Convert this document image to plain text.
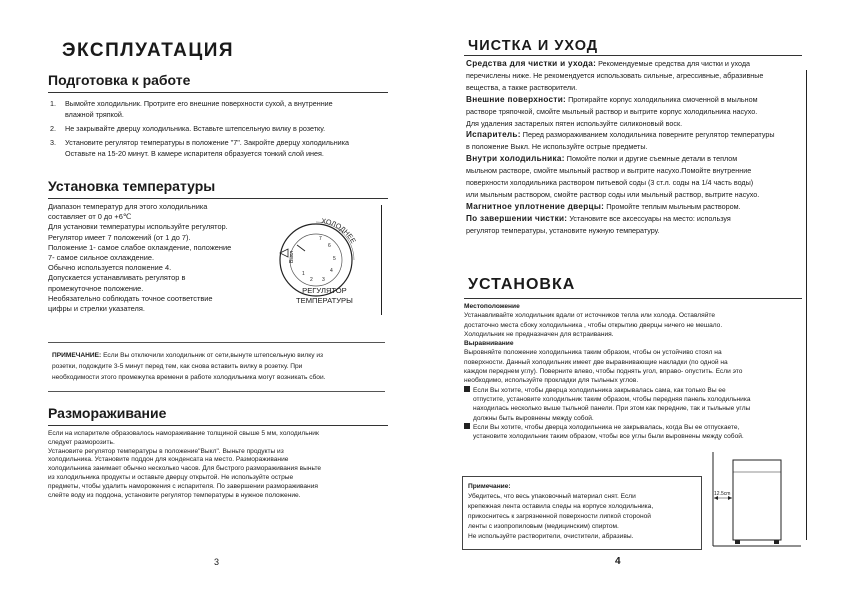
ЭКСПЛУАТАЦИЯ
Подготовка к работе
1. Вымойте холодильник. Протрите его внешние поверхности сухой, а внутренние
влажной тряпкой.
2. Не закрывайте дверцу холодильника. Вставьте штепсельную вилку в розетку.
3. Установите регулятор температуры в положение "7". Закройте дверцу холодильника
Оставьте на 15-20 минут. В камере испарителя образуется тонкий слой инея.
Установка температуры
Диапазон температур для этого холодильника
составляет от 0 до +6℃
Для установки температуры используйте регулятор.
Регулятор имеет 7 положений (от 1 до 7).
Положение 1- самое слабое охлаждение, положение
7- самое сильное охлаждение.
Обычно используется положение 4.
Допускается устанавливать регулятор в
промежуточное положение.
Необязательно соблюдать точное соответствие
цифры и стрелки указателя.
ХОЛОДНЕЕ
Выкл
1
2 3
4
5
6
7
РЕГУЛЯТОР
ТЕМПЕРАТУРЫ
ПРИМЕЧАНИЕ: Если Вы отключили холодильник от сети,вынуте штепсельную вилку из
розетки, подождите 3-5 минут перед тем, как снова вставить вилку в розетку. При
необходимости этого промежутка времени в работе холодильника могут возникать сбои.
Размораживание
Если на испарителе образовалось намораживание толщиной свыше 5 мм, холодильник
следует разморозить.
Установите регулятор температуры в положение"Выкл". Выньте продукты из
холодильника. Установите поддон для конденсата на место. Размораживание
холодильника занимает обычно несколько часов. Для быстрого размораживания выньте
из холодильника продукты и оставьте дверцу открытой. Не используйте острые
предметы, чтобы удалить наморожения с испарителя. По завершении размораживания
слейте воду из поддона, установите регулятор температуры в нужное положение.
3
ЧИСТКА И УХОД
Средства для чистки и ухода: Рекомендуемые средства для чистки и ухода
перечислены ниже. Не рекомендуется использовать сильные, агрессивные, абразивные
вещества, а также растворители.
Внешние поверхности: Протирайте корпус холодильника смоченной в мыльном
растворе тряпочкой, смойте мыльный раствор и вытрите корпус холодильника насухо.
Для удаления застарелых пятен используйте силиконовый воск.
Испаритель: Перед размораживанием холодильника поверните регулятор температуры
в положение Выкл. Не используйте острые предметы.
Внутри холодильника: Помойте полки и другие съемные детали в теплом
мыльном растворе, смойте мыльный раствор и вытрите насухо.Помойте внутренние
поверхности холодильника раствором питьевой соды (3 ст.л. соды на 1/4 часть воды)
или мыльным раствором, смойте раствор соды или мыльный раствор, вытрите насухо.
Магнитное уплотнение дверцы: Промойте теплым мыльным раствором.
По завершении чистки: Установите все аксессуары на место: используя
регулятор температуры, установите нужную температуру.
УСТАНОВКА
Местоположение
Устанавливайте холодильник вдали от источников тепла или холода. Оставляйте
достаточно места сбоку холодильника , чтобы открытию дверцы ничего не мешало.
Холодильник не предназначен для встраивания.
Выравнивание
Выровняйте положение холодильника таким образом, чтобы он устойчиво стоял на
поверхности. Данный холодильник имеет две выравнивающие накладки (по одной на
каждом переднем углу). Поверните влево, чтобы поднять угол, вправо- опустить. Если это
необходимо, используйте прокладки для тыльных углов.
Если Вы хотите, чтобы дверца холодильника закрывалась сама, как только Вы ее
отпустите, установите холодильник таким образом, чтобы передняя панель холодильника
находилась несколько выше тыльной панели. При этом как передние, так и тыльные углы
должны быть выровнены между собой.
Если Вы хотите, чтобы дверца холодильника не закрывалась, когда Вы ее отпускаете,
установите холодильник таким образом, чтобы все углы были выровнены между собой.
Примечание:
Убедитесь, что весь упаковочный материал снят. Если
крепежная лента оставила следы на корпусе холодильника,
прикоснитесь к загрязненной поверхности липкой стороной
ленты с изопропиловым (медицинским) спиртом.
Не используйте растворители, очистители, абразивы.
12.5cm
4
